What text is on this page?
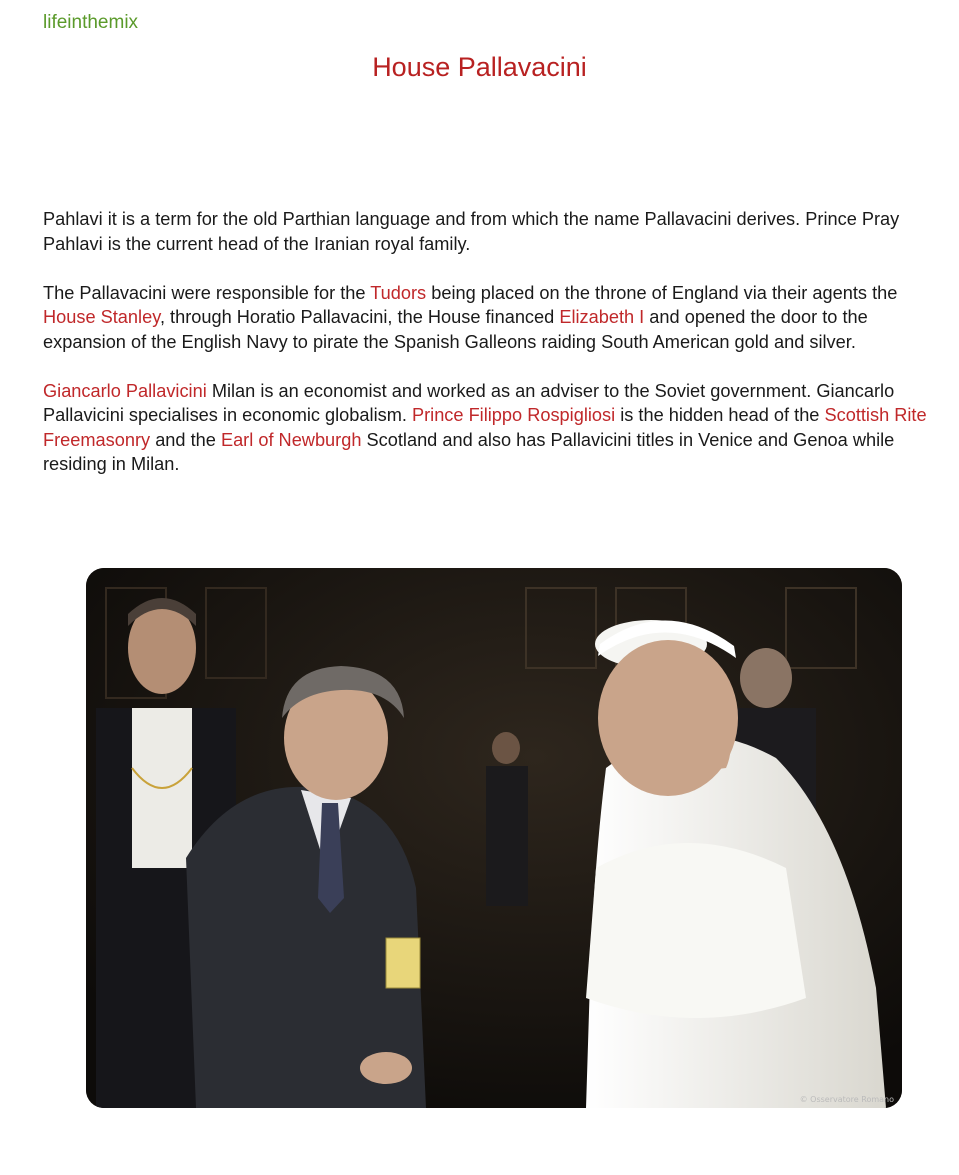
lifeinthemix
House Pallavacini

Pahlavi it is a term for the old Parthian language and from which the name Pallavacini derives. Prince Pray Pahlavi is the current head of the Iranian royal family.

The Pallavacini were responsible for the Tudors being placed on the throne of England via their agents the House Stanley, through Horatio Pallavacini, the House financed Elizabeth I and opened the door to the expansion of the English Navy to pirate the Spanish Galleons raiding South American gold and silver.

Giancarlo Pallavicini Milan is an economist and worked as an adviser to the Soviet government. Giancarlo Pallavicini specialises in economic globalism. Prince Filippo Rospigliosi is the hidden head of the Scottish Rite Freemasonry and the Earl of Newburgh Scotland and also has Pallavicini titles in Venice and Genoa while residing in Milan.

© Osservatore Romano
